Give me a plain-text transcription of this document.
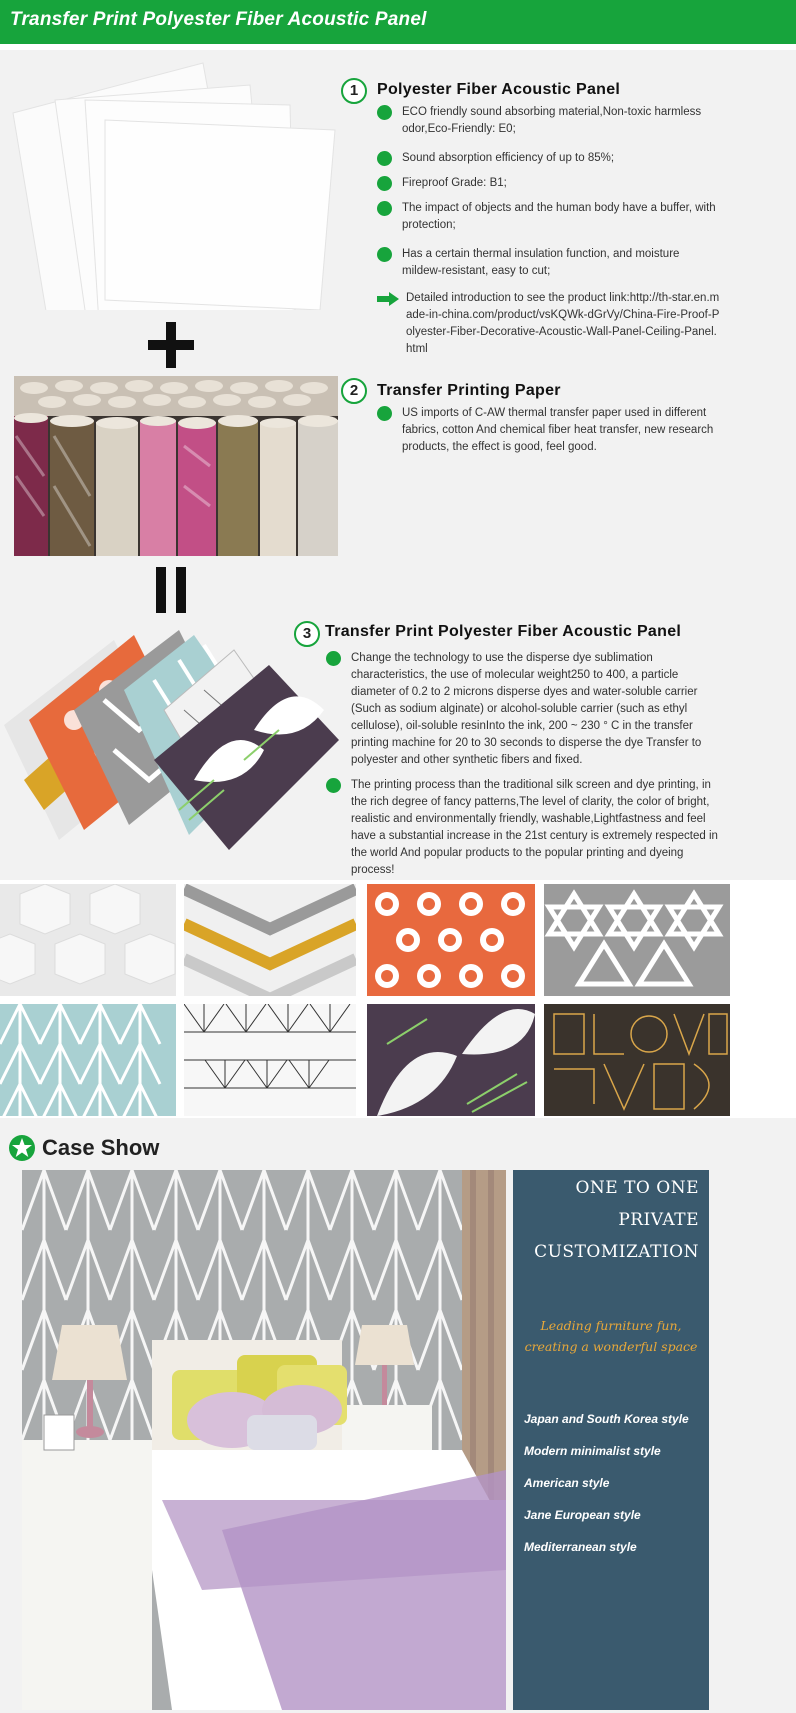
Transfer Print Polyester Fiber Acoustic Panel
1	Polyester Fiber Acoustic Panel
ECO friendly sound absorbing material,Non-toxic harmless odor,Eco-Friendly: E0;
Sound absorption efficiency of up to 85%;
Fireproof Grade: B1;
The impact of objects and the human body have a buffer, with protection;
Has a certain thermal insulation function, and moisture mildew-resistant, easy to cut;
Detailed introduction to see the product link:http://th-star.en.made-in-china.com/product/vsKQWk-dGrVy/China-Fire-Proof-Polyester-Fiber-Decorative-Acoustic-Wall-Panel-Ceiling-Panel.html
2	Transfer Printing Paper
US imports of C-AW thermal transfer paper used in different fabrics, cotton And chemical fiber heat transfer, new research products, the effect is good, feel good.
3 Transfer Print Polyester Fiber Acoustic Panel
Change the technology to use the disperse dye sublimation characteristics, the use of molecular weight250 to 400, a particle diameter of 0.2 to 2 microns disperse dyes and water-soluble carrier (Such as sodium alginate) or alcohol-soluble carrier (such as ethyl cellulose), oil-soluble resinInto the ink, 200 ~ 230 ° C in the transfer printing machine for 20 to 30 seconds to disperse the dye Transfer to polyester and other synthetic fibers and fixed.
The printing process than the traditional silk screen and dye printing, in the rich degree of fancy patterns,The level of clarity, the color of bright, realistic and environmentally friendly, washable,Lightfastness and feel have a substantial increase in the 21st century is extremely respected in the world And popular products to the popular printing and dyeing process!
Case Show
ONE TO ONE
PRIVATE
CUSTOMIZATION
Leading furniture fun,
creating a wonderful space
Japan and South Korea style
Modern minimalist style
American style
Jane European style
Mediterranean style
